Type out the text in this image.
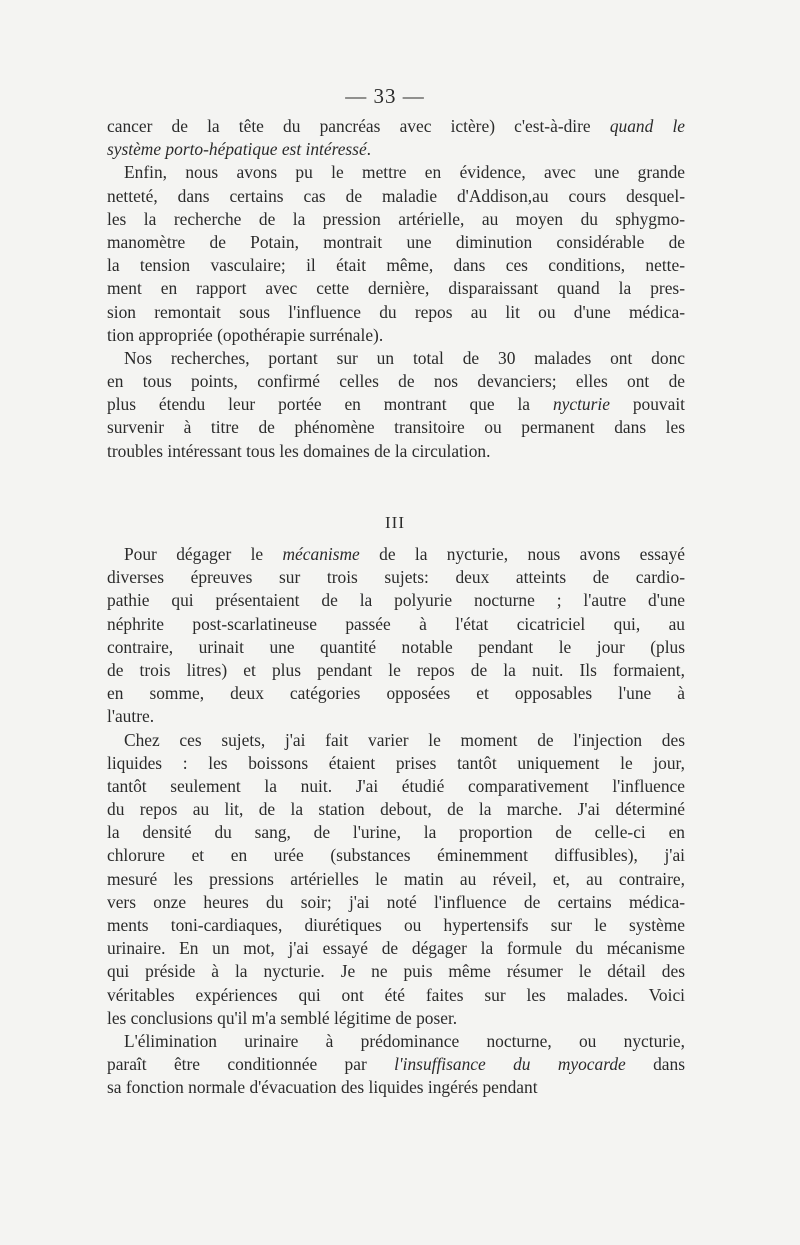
— 33 —
cancer de la tête du pancréas avec ictère) c'est-à-dire quand le
système porto-hépatique est intéressé.
Enfin, nous avons pu le mettre en évidence, avec une grande
netteté, dans certains cas de maladie d'Addison,au cours desquel-
les la recherche de la pression artérielle, au moyen du sphygmo-
manomètre de Potain, montrait une diminution considérable de
la tension vasculaire; il était même, dans ces conditions, nette-
ment en rapport avec cette dernière, disparaissant quand la pres-
sion remontait sous l'influence du repos au lit ou d'une médica-
tion appropriée (opothérapie surrénale).
Nos recherches, portant sur un total de 30 malades ont donc
en tous points, confirmé celles de nos devanciers; elles ont de
plus étendu leur portée en montrant que la nycturie pouvait
survenir à titre de phénomène transitoire ou permanent dans les
troubles intéressant tous les domaines de la circulation.
III
Pour dégager le mécanisme de la nycturie, nous avons essayé
diverses épreuves sur trois sujets: deux atteints de cardio-
pathie qui présentaient de la polyurie nocturne ; l'autre d'une
néphrite post-scarlatineuse passée à l'état cicatriciel qui, au
contraire, urinait une quantité notable pendant le jour (plus
de trois litres) et plus pendant le repos de la nuit. Ils formaient,
en somme, deux catégories opposées et opposables l'une à
l'autre.
Chez ces sujets, j'ai fait varier le moment de l'injection des
liquides : les boissons étaient prises tantôt uniquement le jour,
tantôt seulement la nuit. J'ai étudié comparativement l'influence
du repos au lit, de la station debout, de la marche. J'ai déterminé
la densité du sang, de l'urine, la proportion de celle-ci en
chlorure et en urée (substances éminemment diffusibles), j'ai
mesuré les pressions artérielles le matin au réveil, et, au contraire,
vers onze heures du soir; j'ai noté l'influence de certains médica-
ments toni-cardiaques, diurétiques ou hypertensifs sur le système
urinaire. En un mot, j'ai essayé de dégager la formule du mécanisme
qui préside à la nycturie. Je ne puis même résumer le détail des
véritables expériences qui ont été faites sur les malades. Voici
les conclusions qu'il m'a semblé légitime de poser.
L'élimination urinaire à prédominance nocturne, ou nycturie,
paraît être conditionnée par l'insuffisance du myocarde dans
sa fonction normale d'évacuation des liquides ingérés pendant
